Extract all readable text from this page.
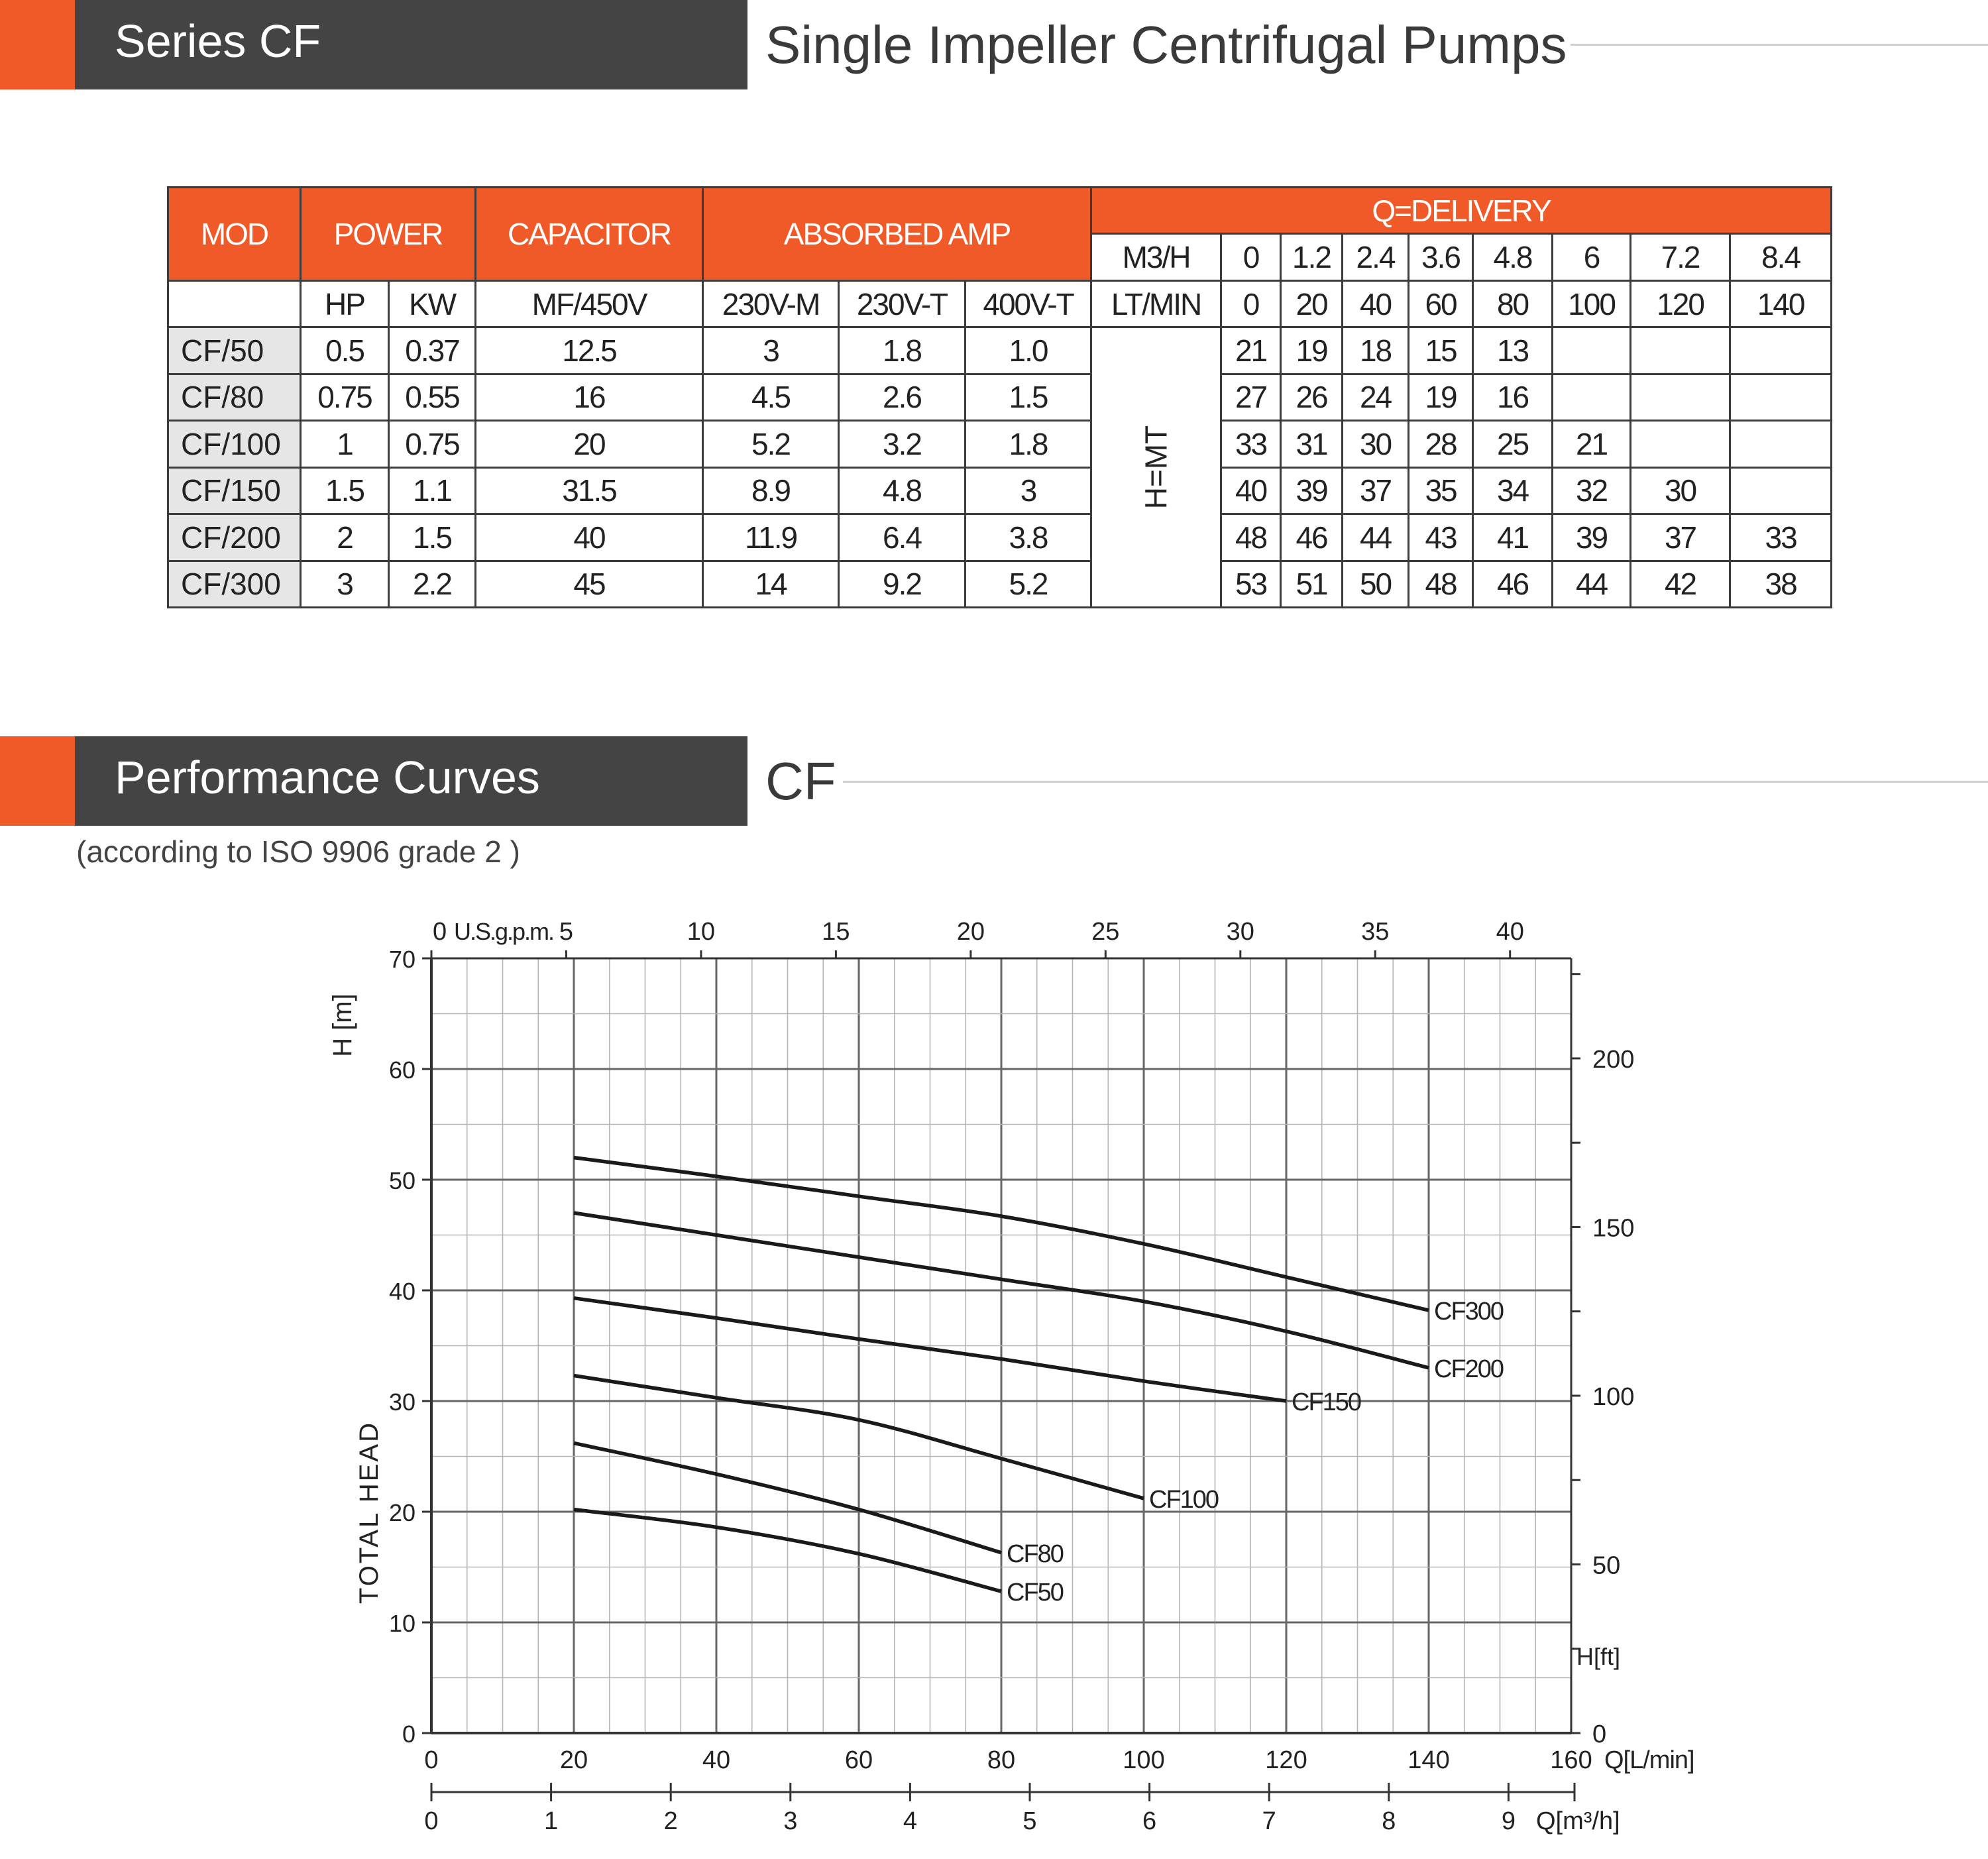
Series CF	Single Impeller Centrifugal Pumps
MOD	POWER		CAPACITOR	ABSORBED AMP			Q=DELIVERY								
							M3/H	0	1.2	2.4	3.6	4.8	6	7.2	8.4
	HP	KW	MF/450V	230V-M	230V-T	400V-T	LT/MIN	0	20	40	60	80	100	120	140
CF/50	0.5	0.37	12.5	3	1.8	1.0	H=MT	21	19	18	15	13			
CF/80	0.75	0.55	16	4.5	2.6	1.5		27	26	24	19	16			
CF/100	1	0.75	20	5.2	3.2	1.8		33	31	30	28	25	21		
CF/150	1.5	1.1	31.5	8.9	4.8	3		40	39	37	35	34	32	30	
CF/200	2	1.5	40	11.9	6.4	3.8		48	46	44	43	41	39	37	33
CF/300	3	2.2	45	14	9.2	5.2		53	51	50	48	46	44	42	38
Performance Curves	CF
(according to ISO 9906 grade 2 )
0
10
20
30
40
50
60
70
TOTAL HEAD
H [m]
0	20	40	60	80	100	120	140	160 Q[L/min]
0	1	2	3	4	5	6	7	8	9 Q[m³/h]
0	5	10	15	20	25	30	35	40
U.S.g.p.m.
0
50
100
150
200
H[ft]
CF300
CF200
CF150
CF100
CF80
CF50
